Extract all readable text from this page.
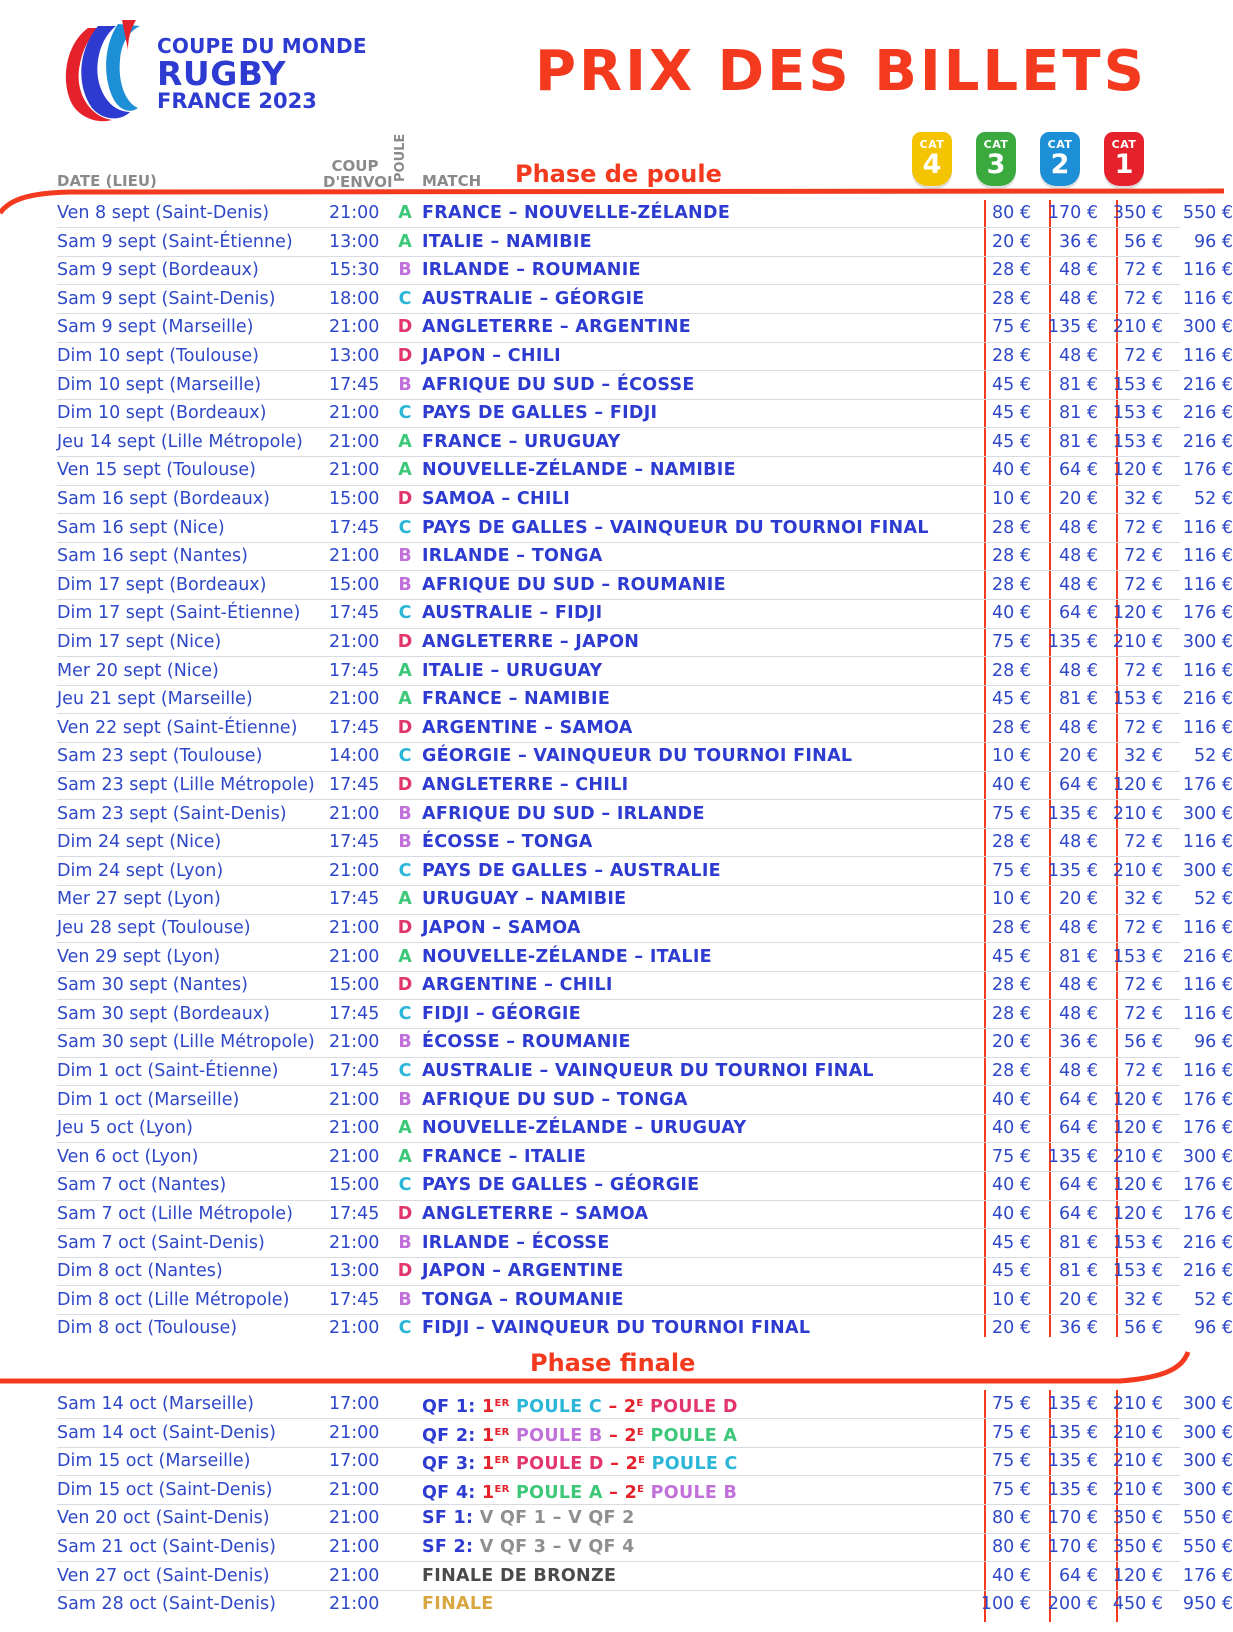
COUPE DU MONDE
RUGBY
FRANCE 2023	PRIX DES BILLETS
DATE (LIEU)
COUP
D'ENVOI POULE MATCH Phase de poule
CAT
4
CAT
3
CAT
2
CAT
1
Phase finale
Ven 8 sept (Saint-Denis)	21:00	A FRANCE – NOUVELLE-ZÉLANDE	80 € 170 € 350 €	550 €
Sam 9 sept (Saint-Étienne) 13:00	A ITALIE – NAMIBIE	20 €	36 €	56 €	96 €
Sam 9 sept (Bordeaux)	15:30	B IRLANDE – ROUMANIE	28 €	48 €	72 €	116 €
Sam 9 sept (Saint-Denis)	18:00	C AUSTRALIE – GÉORGIE	28 €	48 €	72 €	116 €
Sam 9 sept (Marseille)	21:00	D ANGLETERRE – ARGENTINE	75 € 135 € 210 €	300 €
Dim 10 sept (Toulouse)	13:00	D JAPON – CHILI	28 €	48 €	72 €	116 €
Dim 10 sept (Marseille)	17:45	B AFRIQUE DU SUD – ÉCOSSE	45 €	81 € 153 €	216 €
Dim 10 sept (Bordeaux)	21:00	C PAYS DE GALLES – FIDJI	45 €	81 € 153 €	216 €
Jeu 14 sept (Lille Métropole) 21:00	A FRANCE – URUGUAY	45 €	81 € 153 €	216 €
Ven 15 sept (Toulouse)	21:00	A NOUVELLE-ZÉLANDE – NAMIBIE	40 €	64 € 120 €	176 €
Sam 16 sept (Bordeaux)	15:00	D SAMOA – CHILI	10 €	20 €	32 €	52 €
Sam 16 sept (Nice)	17:45	C PAYS DE GALLES – VAINQUEUR DU TOURNOI FINAL	28 €	48 €	72 €	116 €
Sam 16 sept (Nantes)	21:00	B IRLANDE – TONGA	28 €	48 €	72 €	116 €
Dim 17 sept (Bordeaux)	15:00	B AFRIQUE DU SUD – ROUMANIE	28 €	48 €	72 €	116 €
Dim 17 sept (Saint-Étienne) 17:45	C AUSTRALIE – FIDJI	40 €	64 € 120 €	176 €
Dim 17 sept (Nice)	21:00	D ANGLETERRE – JAPON	75 € 135 € 210 €	300 €
Mer 20 sept (Nice)	17:45	A ITALIE – URUGUAY	28 €	48 €	72 €	116 €
Jeu 21 sept (Marseille)	21:00	A FRANCE – NAMIBIE	45 €	81 € 153 €	216 €
Ven 22 sept (Saint-Étienne) 17:45	D ARGENTINE – SAMOA	28 €	48 €	72 €	116 €
Sam 23 sept (Toulouse)	14:00	C GÉORGIE – VAINQUEUR DU TOURNOI FINAL	10 €	20 €	32 €	52 €
Sam 23 sept (Lille Métropole) 17:45	D ANGLETERRE – CHILI	40 €	64 € 120 €	176 €
Sam 23 sept (Saint-Denis) 21:00	B AFRIQUE DU SUD – IRLANDE	75 € 135 € 210 €	300 €
Dim 24 sept (Nice)	17:45	B ÉCOSSE – TONGA	28 €	48 €	72 €	116 €
Dim 24 sept (Lyon)	21:00	C PAYS DE GALLES – AUSTRALIE	75 € 135 € 210 €	300 €
Mer 27 sept (Lyon)	17:45	A URUGUAY – NAMIBIE	10 €	20 €	32 €	52 €
Jeu 28 sept (Toulouse)	21:00	D JAPON – SAMOA	28 €	48 €	72 €	116 €
Ven 29 sept (Lyon)	21:00	A NOUVELLE-ZÉLANDE – ITALIE	45 €	81 € 153 €	216 €
Sam 30 sept (Nantes)	15:00	D ARGENTINE – CHILI	28 €	48 €	72 €	116 €
Sam 30 sept (Bordeaux)	17:45	C FIDJI – GÉORGIE	28 €	48 €	72 €	116 €
Sam 30 sept (Lille Métropole) 21:00	B ÉCOSSE – ROUMANIE	20 €	36 €	56 €	96 €
Dim 1 oct (Saint-Étienne)	17:45	C AUSTRALIE – VAINQUEUR DU TOURNOI FINAL	28 €	48 €	72 €	116 €
Dim 1 oct (Marseille)	21:00	B AFRIQUE DU SUD – TONGA	40 €	64 € 120 €	176 €
Jeu 5 oct (Lyon)	21:00	A NOUVELLE-ZÉLANDE – URUGUAY	40 €	64 € 120 €	176 €
Ven 6 oct (Lyon)	21:00	A FRANCE – ITALIE	75 € 135 € 210 €	300 €
Sam 7 oct (Nantes)	15:00	C PAYS DE GALLES – GÉORGIE	40 €	64 € 120 €	176 €
Sam 7 oct (Lille Métropole) 17:45	D ANGLETERRE – SAMOA	40 €	64 € 120 €	176 €
Sam 7 oct (Saint-Denis)	21:00	B IRLANDE – ÉCOSSE	45 €	81 € 153 €	216 €
Dim 8 oct (Nantes)	13:00	D JAPON – ARGENTINE	45 €	81 € 153 €	216 €
Dim 8 oct (Lille Métropole) 17:45	B TONGA – ROUMANIE	10 €	20 €	32 €	52 €
Dim 8 oct (Toulouse)	21:00	C FIDJI – VAINQUEUR DU TOURNOI FINAL	20 €	36 €	56 €	96 €
Sam 14 oct (Marseille)	17:00	QF 1: 1ER POULE C – $2^E$ POULE D	75 € 135 € 210 €	300 €
Sam 14 oct (Saint-Denis)	21:00	QF 2: 1ER POULE B – $2^E$ POULE A	75 € 135 € 210 €	300 €
Dim 15 oct (Marseille)	17:00	QF 3: 1ER POULE D – $2^E$ POULE C	75 € 135 € 210 €	300 €
Dim 15 oct (Saint-Denis)	21:00	QF 4: 1ER POULE A – $2^E$ POULE B	75 € 135 € 210 €	300 €
Ven 20 oct (Saint-Denis)	21:00	SF 1: V QF 1 – V QF 2	80 € 170 € 350 €	550 €
Sam 21 oct (Saint-Denis)	21:00	SF 2: V QF 3 – V QF 4	80 € 170 € 350 €	550 €
Ven 27 oct (Saint-Denis)	21:00	FINALE DE BRONZE	40 €	64 € 120 €	176 €
Sam 28 oct (Saint-Denis)	21:00	FINALE	100 € 200 € 450 €	950 €
